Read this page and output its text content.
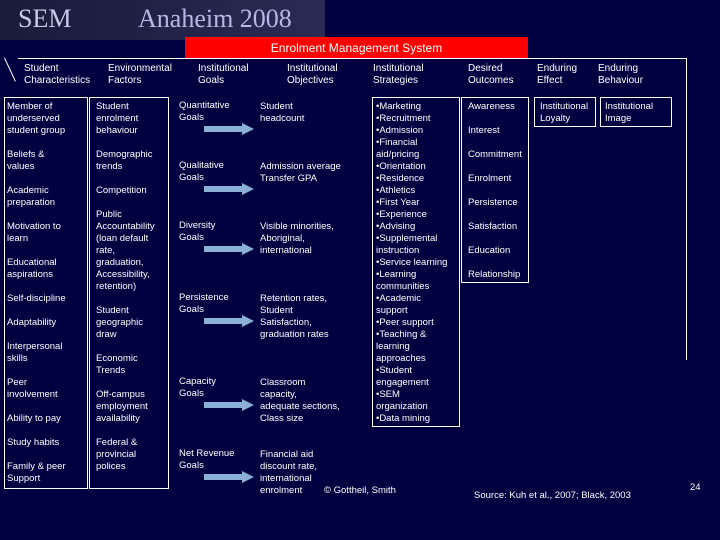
SEM	Anaheim 2008
Enrolment Management System
Student
Characteristics
Environmental
Factors
Institutional
Goals
Institutional
Objectives
Institutional
Strategies
Desired
Outcomes
Enduring
Effect
Enduring
Behaviour
Member of
underserved
student group
Beliefs &
values
Academic
preparation
Motivation to
learn
Educational
aspirations
Self-discipline
Adaptability
Interpersonal
skills
Peer
involvement
Ability to pay
Study habits
Family & peer
Support
Student
enrolment
behaviour
Demographic
trends
Competition
Public
Accountability
(loan default
rate,
graduation,
Accessibility,
retention)
Student
geographic
draw
Economic
Trends
Off-campus
employment
availability
Federal &
provincial
polices
Quantitative
Goals
Student
headcount
Qualitative
Goals
Admission average
Transfer GPA
Diversity
Goals
Visible minorities,
Aboriginal,
international
Persistence
Goals
Retention rates,
Student
Satisfaction,
graduation rates
Capacity
Goals
Classroom
capacity,
adequate sections,
Class size
Net Revenue
Goals
Financial aid
discount rate,
international
enrolment
•Marketing
•Recruitment
•Admission
•Financial
aid/pricing
•Orientation
•Residence
•Athletics
•First Year
•Experience
•Advising
•Supplemental
instruction
•Service learning
•Learning
communities
•Academic
support
•Peer support
•Teaching &
learning
approaches
•Student
engagement
•SEM
organization
•Data mining
Awareness
Interest
Commitment
Enrolment
Persistence
Satisfaction
Education
Relationship
Institutional
Loyalty
Institutional
Image
© Gottheil, Smith	Source: Kuh et al., 2007; Black, 2003
24
